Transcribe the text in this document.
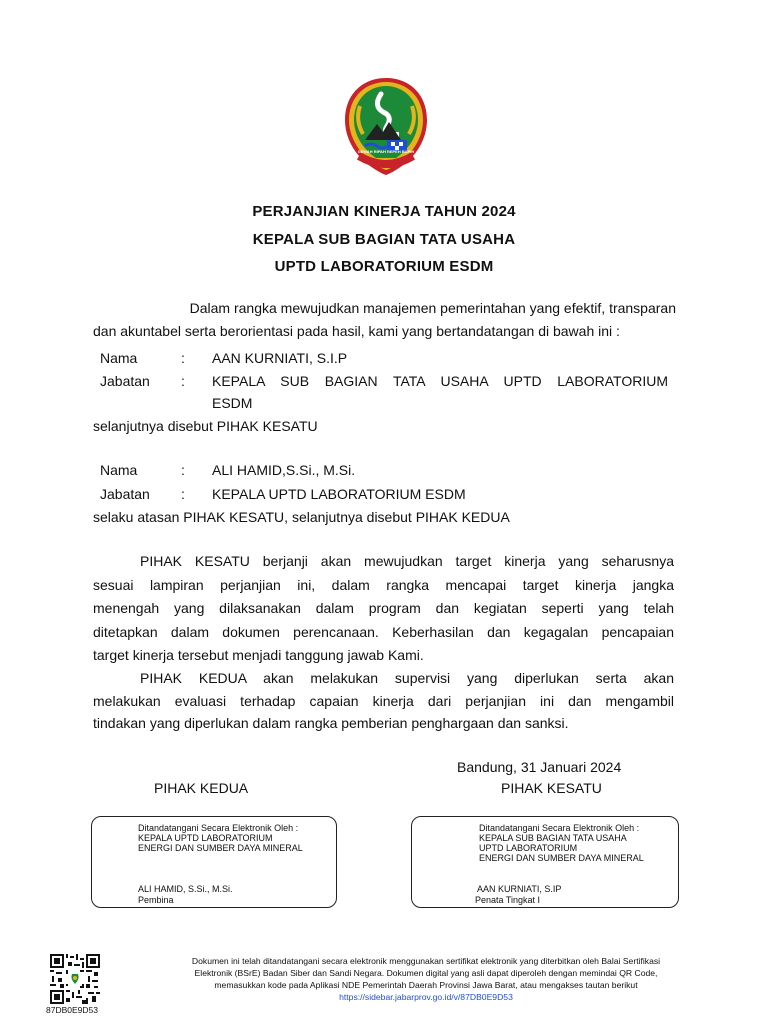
GEMAH RIPAH REPEH RAPIH
PERJANJIAN KINERJA TAHUN 2024
KEPALA SUB BAGIAN TATA USAHA
UPTD LABORATORIUM ESDM
Dalam rangka mewujudkan manajemen pemerintahan yang efektif, transparan
dan akuntabel serta berorientasi pada hasil, kami yang bertandatangan di bawah ini :
Nama	: AAN KURNIATI, S.I.P
Jabatan : KEPALA SUB BAGIAN TATA USAHA UPTD LABORATORIUM
ESDM
selanjutnya disebut PIHAK KESATU
Nama	: ALI HAMID,S.Si., M.Si.
Jabatan : KEPALA UPTD LABORATORIUM ESDM
selaku atasan PIHAK KESATU, selanjutnya disebut PIHAK KEDUA
PIHAK KESATU berjanji akan mewujudkan target kinerja yang seharusnya
sesuai lampiran perjanjian ini, dalam rangka mencapai target kinerja jangka
menengah yang dilaksanakan dalam program dan kegiatan seperti yang telah
ditetapkan dalam dokumen perencanaan. Keberhasilan dan kegagalan pencapaian
target kinerja tersebut menjadi tanggung jawab Kami.
PIHAK KEDUA akan melakukan supervisi yang diperlukan serta akan
melakukan evaluasi terhadap capaian kinerja dari perjanjian ini dan mengambil
tindakan yang diperlukan dalam rangka pemberian penghargaan dan sanksi.
Bandung, 31 Januari 2024
PIHAK KEDUA	PIHAK KESATU
Ditandatangani Secara Elektronik Oleh :
KEPALA UPTD LABORATORIUM
ENERGI DAN SUMBER DAYA MINERAL
ALI HAMID, S.Si., M.Si.
Pembina
Ditandatangani Secara Elektronik Oleh :
KEPALA SUB BAGIAN TATA USAHA
UPTD LABORATORIUM
ENERGI DAN SUMBER DAYA MINERAL
AAN KURNIATI, S.IP
Penata Tingkat I
87DB0E9D53
Dokumen ini telah ditandatangani secara elektronik menggunakan sertifikat elektronik yang diterbitkan oleh Balai Sertifikasi
Elektronik (BSrE) Badan Siber dan Sandi Negara. Dokumen digital yang asli dapat diperoleh dengan memindai QR Code,
memasukkan kode pada Aplikasi NDE Pemerintah Daerah Provinsi Jawa Barat, atau mengakses tautan berikut
https://sidebar.jabarprov.go.id/v/87DB0E9D53
